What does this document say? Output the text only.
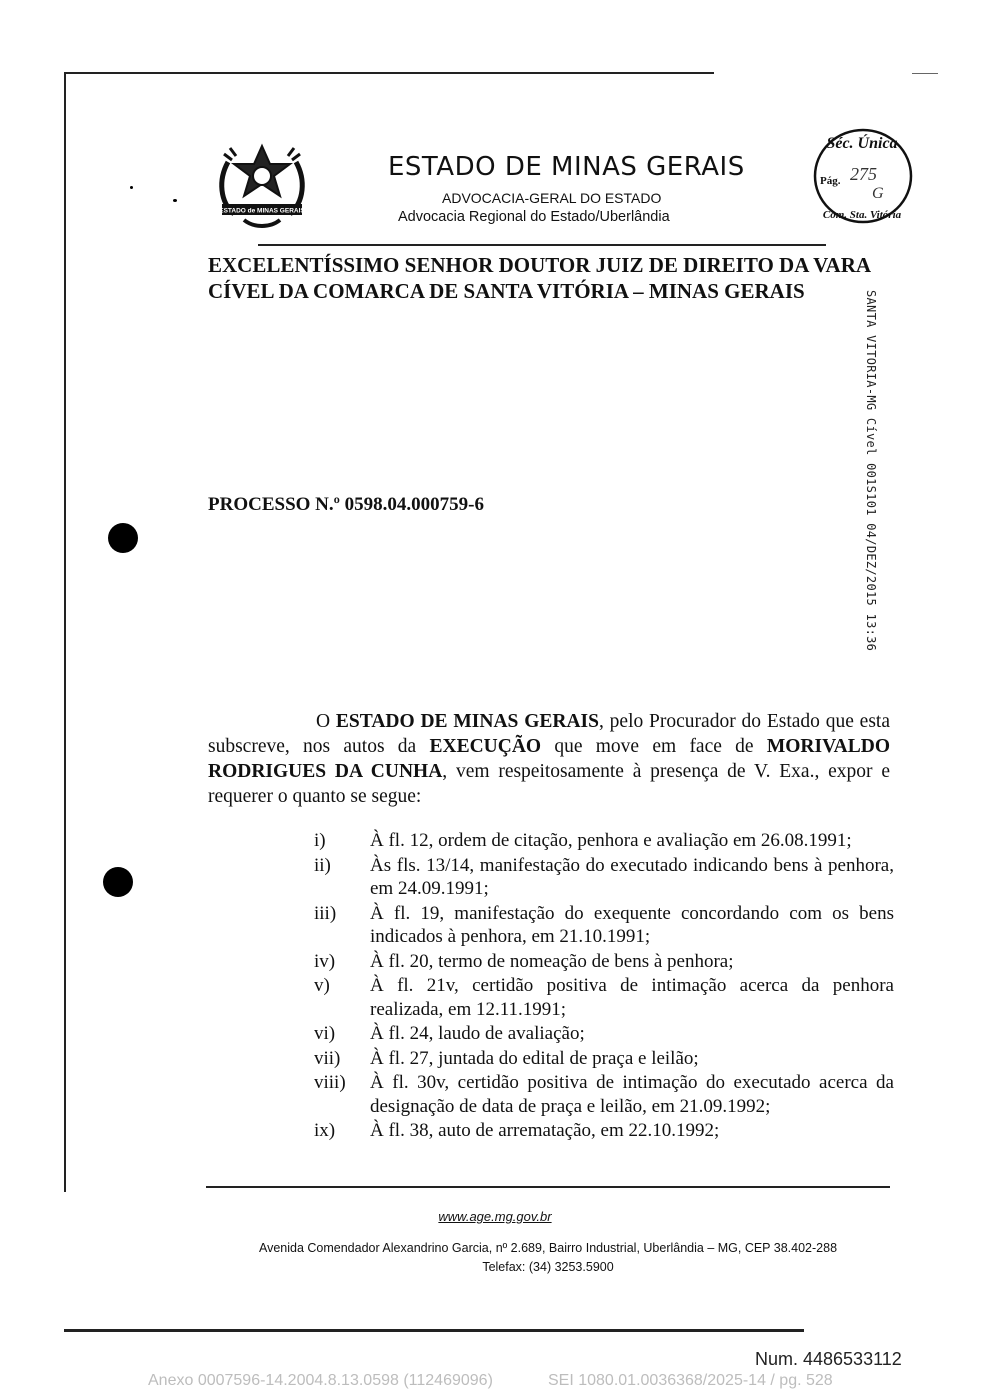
ESTADO de MINAS GERAIS
ESTADO DE MINAS GERAIS
ADVOCACIA-GERAL DO ESTADO
Advocacia Regional do Estado/Uberlândia
Séc. Única
Pág. 275
G
Com. Sta. Vitória
EXCELENTÍSSIMO SENHOR DOUTOR JUIZ DE DIREITO DA VARA
CÍVEL DA COMARCA DE SANTA VITÓRIA – MINAS GERAIS	SANTA VITORIA-MG Cível 001S101 04/DEZ/2015 13:36
PROCESSO N.º 0598.04.000759-6

O ESTADO DE MINAS GERAIS, pelo Procurador do Estado que esta subscreve, nos autos da EXECUÇÃO que move em face de MORIVALDO RODRIGUES DA CUNHA, vem respeitosamente à presença de V. Exa., expor e requerer o quanto se segue:

i)	À fl. 12, ordem de citação, penhora e avaliação em 26.08.1991;
ii)	Às fls. 13/14, manifestação do executado indicando bens à penhora, em 24.09.1991;
iii)	À fl. 19, manifestação do exequente concordando com os bens indicados à penhora, em 21.10.1991;
iv)	À fl. 20, termo de nomeação de bens à penhora;
v)	À fl. 21v, certidão positiva de intimação acerca da penhora realizada, em 12.11.1991;
vi)	À fl. 24, laudo de avaliação;
vii)	À fl. 27, juntada do edital de praça e leilão;
viii)	À fl. 30v, certidão positiva de intimação do executado acerca da designação de data de praça e leilão, em 21.09.1992;
ix)	À fl. 38, auto de arrematação, em 22.10.1992;
www.age.mg.gov.br
Avenida Comendador Alexandrino Garcia, nº 2.689, Bairro Industrial, Uberlândia – MG, CEP 38.402-288
Telefax: (34) 3253.5900
Num. 4486533112
Anexo 0007596-14.2004.8.13.0598 (112469096)	SEI 1080.01.0036368/2025-14 / pg. 528
